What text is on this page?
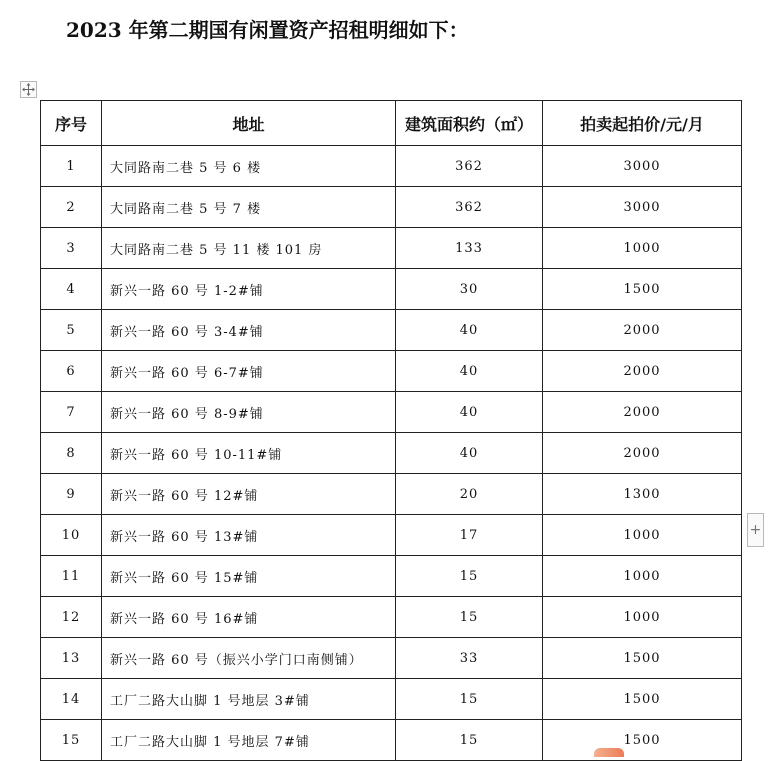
2023 年第二期国有闲置资产招租明细如下：
序号	地址	建筑面积约（㎡）	拍卖起拍价/元/月
1	大同路南二巷 5 号 6 楼	362	3000
2	大同路南二巷 5 号 7 楼	362	3000
3	大同路南二巷 5 号 11 楼 101 房	133	1000
4	新兴一路 60 号 1-2#铺	30	1500
5	新兴一路 60 号 3-4#铺	40	2000
6	新兴一路 60 号 6-7#铺	40	2000
7	新兴一路 60 号 8-9#铺	40	2000
8	新兴一路 60 号 10-11#铺	40	2000
9	新兴一路 60 号 12#铺	20	1300
10	新兴一路 60 号 13#铺	17	1000
11	新兴一路 60 号 15#铺	15	1000
12	新兴一路 60 号 16#铺	15	1000
13	新兴一路 60 号（振兴小学门口南侧铺）	33	1500
14	工厂二路大山脚 1 号地层 3#铺	15	1500
15	工厂二路大山脚 1 号地层 7#铺	15	1500
+
